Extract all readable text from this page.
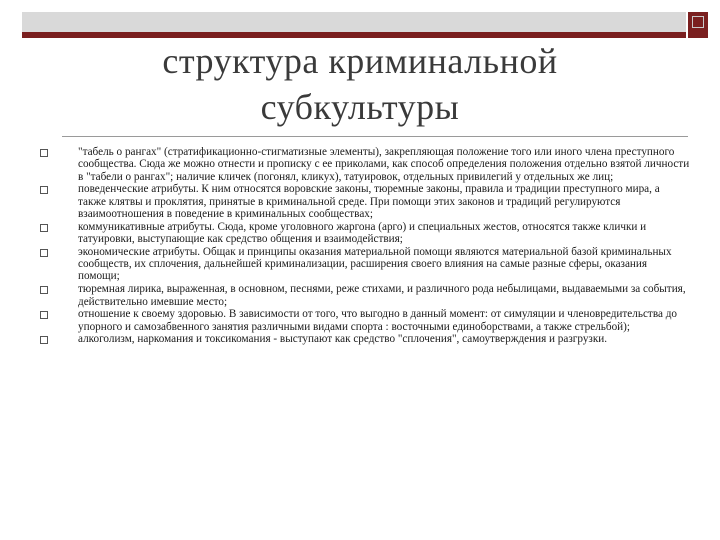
структура криминальной
субкультуры
"табель о рангах" (стратификационно-стигматизные элементы), закрепляющая положение того или иного члена преступного сообщества. Сюда же можно отнести и прописку с ее приколами, как способ определения положения отдельно взятой личности в "табели о рангах"; наличие кличек (погонял, кликух), татуировок, отдельных привилегий у отдельных же лиц;
поведенческие атрибуты. К ним относятся воровские законы, тюремные законы, правила и традиции преступного мира, а также клятвы и проклятия, принятые в криминальной среде. При помощи этих законов и традиций регулируются взаимоотношения в поведение в криминальных сообществах;
коммуникативные атрибуты. Сюда, кроме уголовного жаргона (арго) и специальных жестов, относятся также клички и татуировки, выступающие как средство общения и взаимодействия;
экономические атрибуты. Общак и принципы оказания материальной помощи являются материальной базой криминальных сообществ, их сплочения, дальнейшей криминализации, расширения своего влияния на самые разные сферы, оказания помощи;
тюремная лирика, выраженная, в основном, песнями, реже стихами, и различного рода небылицами, выдаваемыми за события, действительно имевшие место;
отношение к своему здоровью. В зависимости от того, что выгодно в данный момент: от симуляции и членовредительства до упорного и самозабвенного занятия различными видами спорта : восточными единоборствами, а также стрельбой);
алкоголизм, наркомания и токсикомания - выступают как средство "сплочения", самоутверждения и разгрузки.
